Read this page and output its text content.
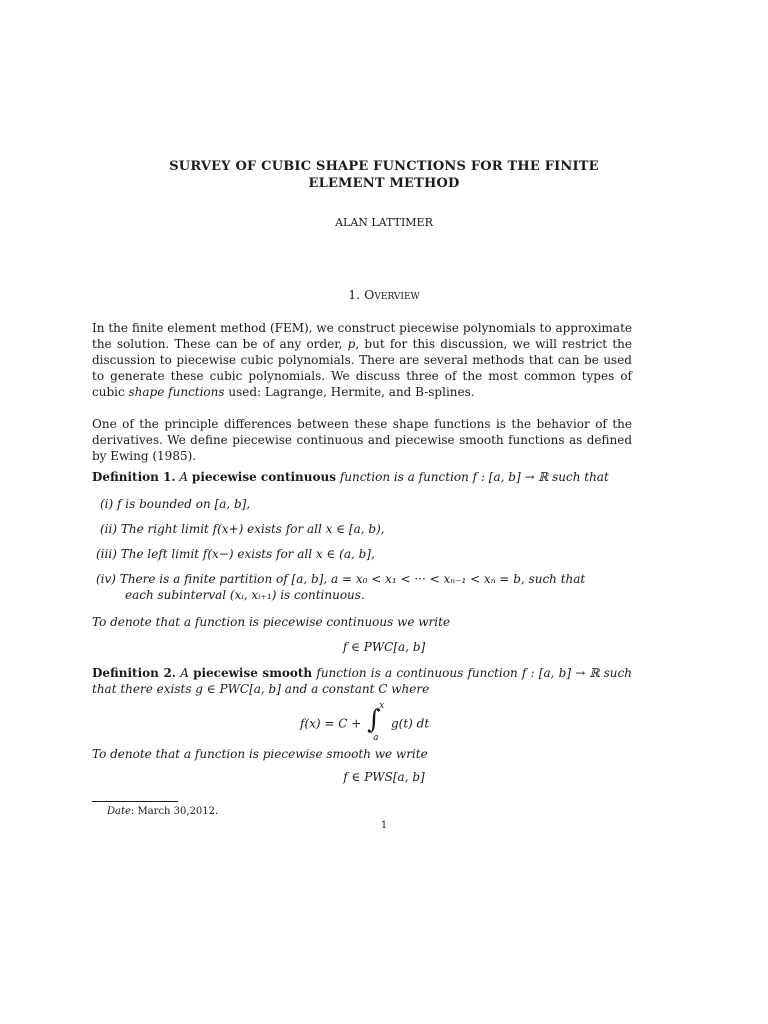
SURVEY OF CUBIC SHAPE FUNCTIONS FOR THE FINITE
ELEMENT METHOD
ALAN LATTIMER
1. Overview
In the finite element method (FEM), we construct piecewise polynomials to approximate the solution. These can be of any order, p, but for this discussion, we will restrict the discussion to piecewise cubic polynomials. There are several methods that can be used to generate these cubic polynomials. We discuss three of the most common types of cubic shape functions used: Lagrange, Hermite, and B-splines.
One of the principle differences between these shape functions is the behavior of the derivatives. We define piecewise continuous and piecewise smooth functions as defined by Ewing (1985).
Definition 1. A piecewise continuous function is a function f : [a, b] → ℝ such that
(i) f is bounded on [a, b],
(ii) The right limit f(x+) exists for all x ∈ [a, b),
(iii) The left limit f(x−) exists for all x ∈ (a, b],
(iv) There is a finite partition of [a, b], a = x₀ < x₁ < ··· < xₙ₋₁ < xₙ = b, such that
each subinterval (xᵢ, xᵢ₊₁) is continuous.
To denote that a function is piecewise continuous we write
f ∈ PWC[a, b]
Definition 2. A piecewise smooth function is a continuous function f : [a, b] → ℝ such that there exists g ∈ PWC[a, b] and a constant C where
f(x) = C + ∫
x
a
g(t) dt
To denote that a function is piecewise smooth we write
f ∈ PWS[a, b]
Date: March 30,2012.
1
